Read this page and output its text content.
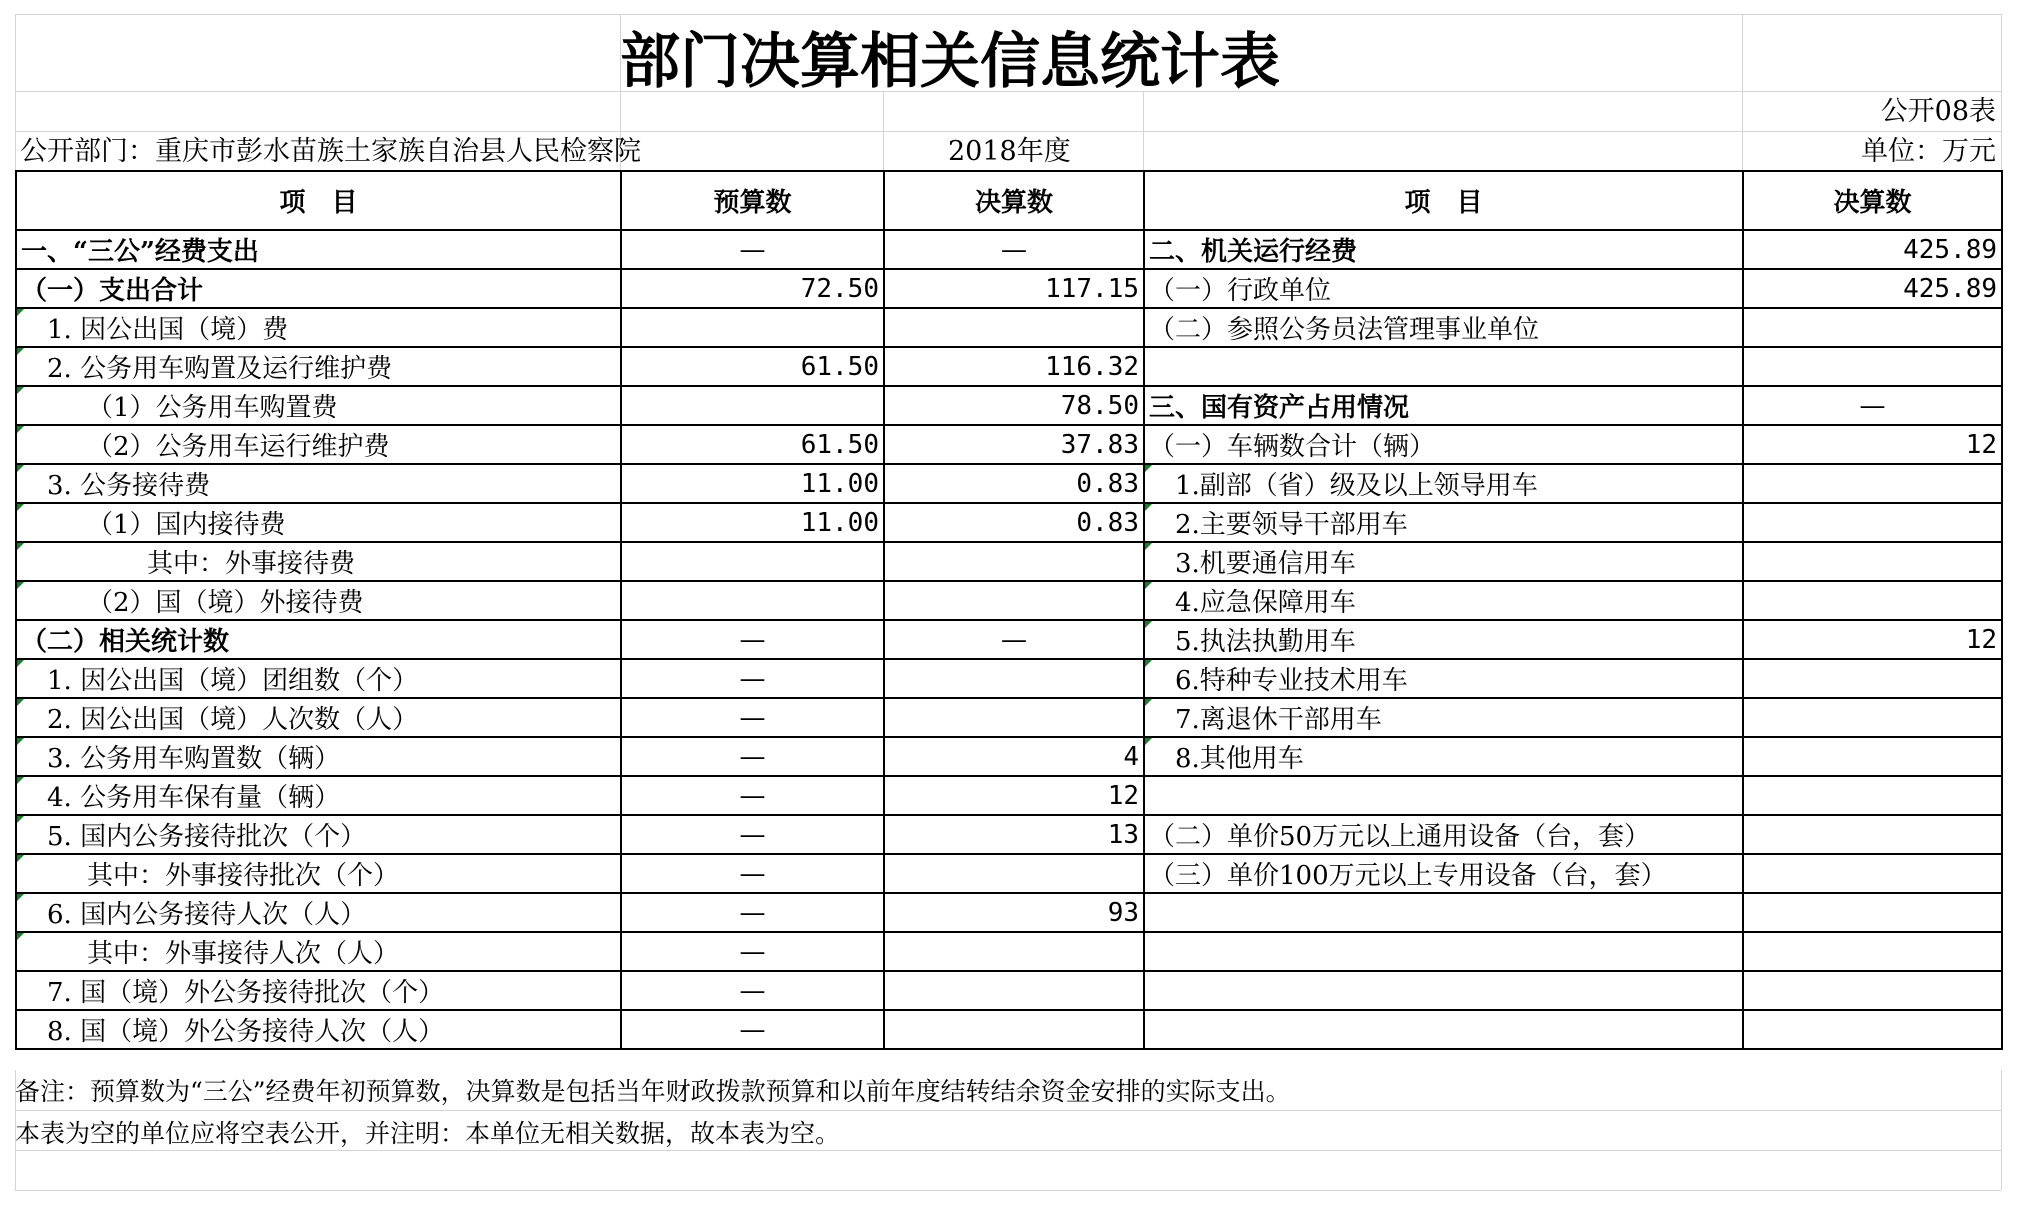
部门决算相关信息统计表
公开08表
公开部门：重庆市彭水苗族土家族自治县人民检察院	2018年度	单位：万元
项　目	预算数	决算数	项　目	决算数
一、“三公”经费支出	—	—	二、机关运行经费	425.89
（一）支出合计	72.50	117.15	（一）行政单位	425.89
1. 因公出国（境）费			（二）参照公务员法管理事业单位	
2. 公务用车购置及运行维护费	61.50	116.32		
（1）公务用车购置费		78.50	三、国有资产占用情况	—
（2）公务用车运行维护费	61.50	37.83	（一）车辆数合计（辆）	12
3. 公务接待费	11.00	0.83	1.副部（省）级及以上领导用车	
（1）国内接待费	11.00	0.83	2.主要领导干部用车	
其中：外事接待费			3.机要通信用车	
（2）国（境）外接待费			4.应急保障用车	
（二）相关统计数	—	—	5.执法执勤用车	12
1. 因公出国（境）团组数（个）	—		6.特种专业技术用车	
2. 因公出国（境）人次数（人）	—		7.离退休干部用车	
3. 公务用车购置数（辆）	—	4	8.其他用车	
4. 公务用车保有量（辆）	—	12		
5. 国内公务接待批次（个）	—	13	（二）单价50万元以上通用设备（台，套）	
其中：外事接待批次（个）	—		（三）单价100万元以上专用设备（台，套）	
6. 国内公务接待人次（人）	—	93		
其中：外事接待人次（人）	—			
7. 国（境）外公务接待批次（个）	—			
8. 国（境）外公务接待人次（人）	—			
备注：预算数为“三公”经费年初预算数，决算数是包括当年财政拨款预算和以前年度结转结余资金安排的实际支出。
本表为空的单位应将空表公开，并注明：本单位无相关数据，故本表为空。
